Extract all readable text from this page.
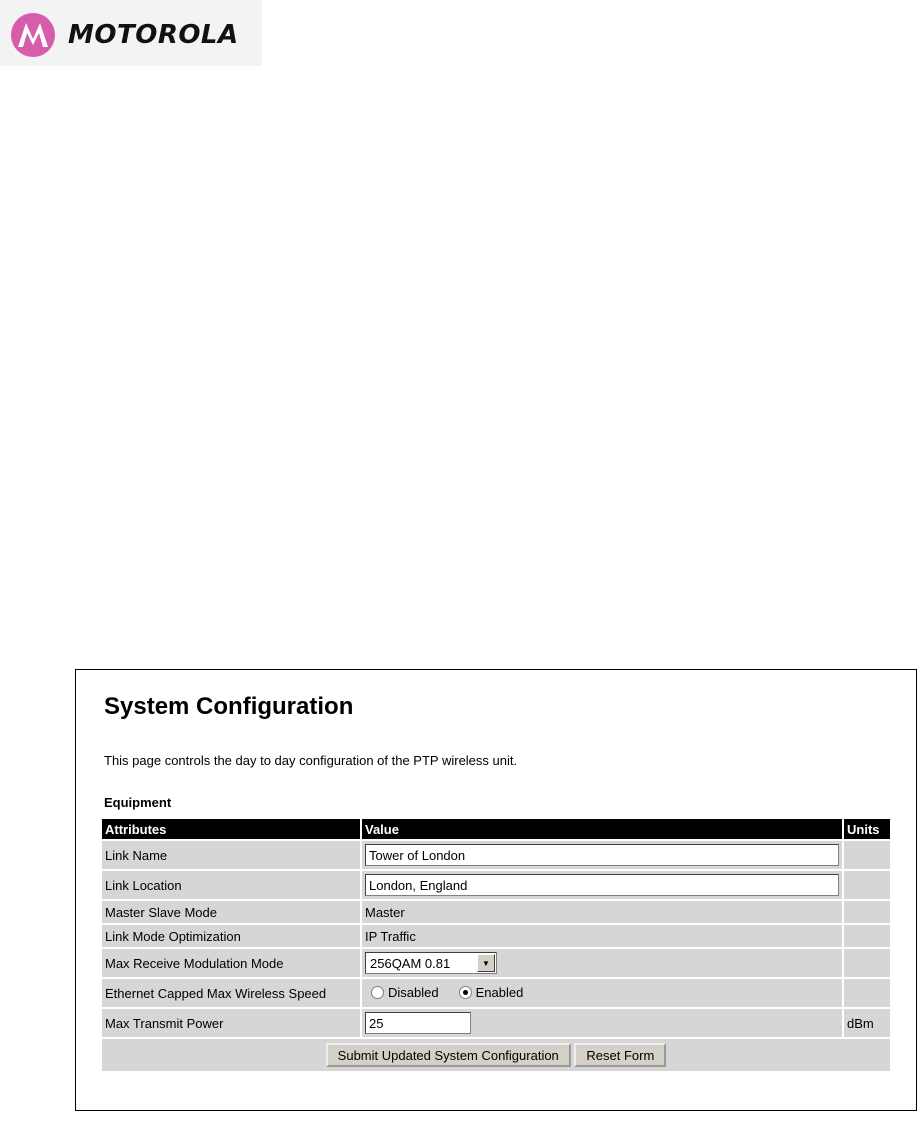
MOTOROLA
System Configuration
This page controls the day to day configuration of the PTP wireless unit.
Equipment
Attributes	Value	Units
Link Name	Tower of London	
Link Location	London, England	
Master Slave Mode	Master	
Link Mode Optimization	IP Traffic	
Max Receive Modulation Mode	256QAM 0.81 ▼	

Ethernet Capped Max Wireless Speed	Disabled Enabled	

Max Transmit Power	25	dBm
Submit Updated System Configuration Reset Form		
